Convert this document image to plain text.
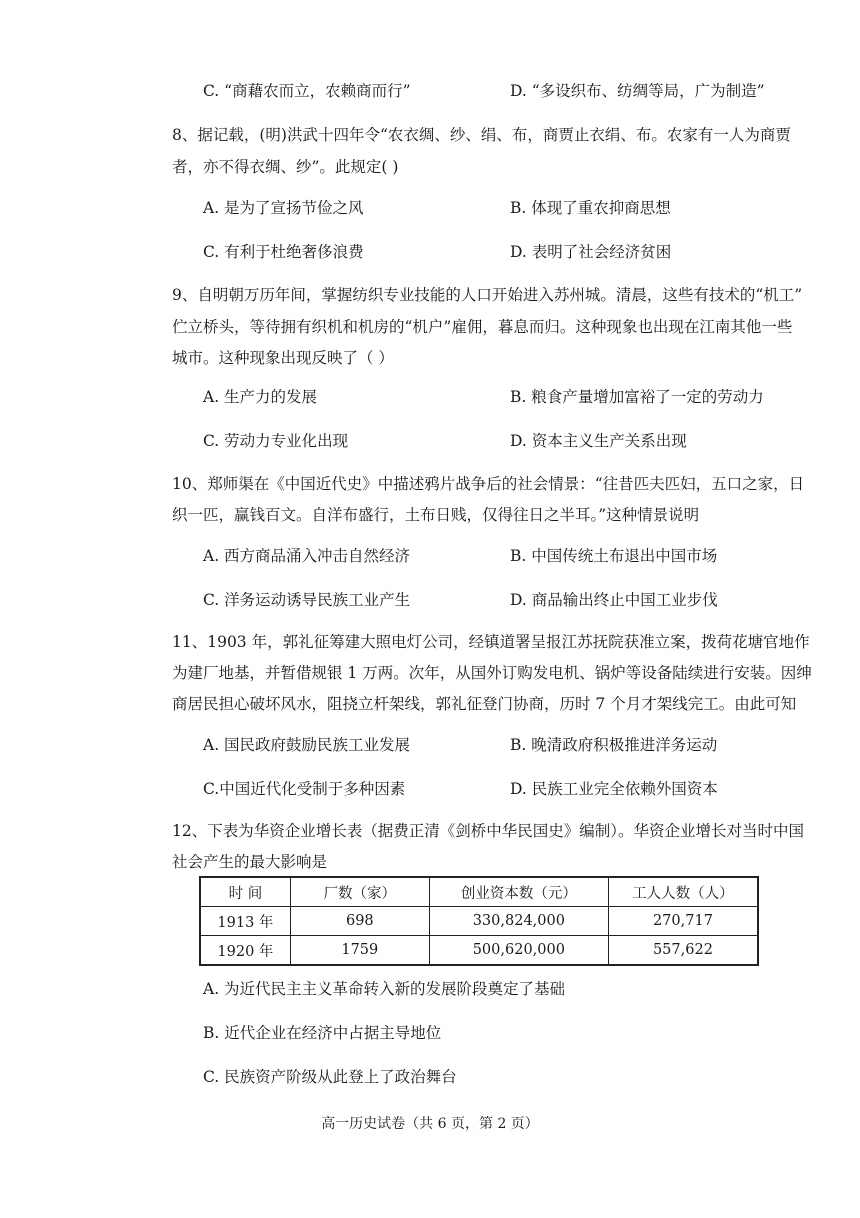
C. “商藉农而立，农赖商而行”	D. “多设织布、纺绸等局，广为制造”
8、据记载，(明)洪武十四年令“农衣绸、纱、绢、布，商贾止衣绢、布。农家有一人为商贾
者，亦不得衣绸、纱”。此规定( )
A. 是为了宣扬节俭之风	B. 体现了重农抑商思想
C. 有利于杜绝奢侈浪费	D. 表明了社会经济贫困
9、自明朝万历年间，掌握纺织专业技能的人口开始进入苏州城。清晨，这些有技术的“机工”
伫立桥头，等待拥有织机和机房的“机户”雇佣，暮息而归。这种现象也出现在江南其他一些
城市。这种现象出现反映了（ ）
A. 生产力的发展	B. 粮食产量增加富裕了一定的劳动力
C. 劳动力专业化出现	D. 资本主义生产关系出现
10、郑师渠在《中国近代史》中描述鸦片战争后的社会情景：“往昔匹夫匹妇，五口之家，日
织一匹，赢钱百文。自洋布盛行，土布日贱，仅得往日之半耳。”这种情景说明
A. 西方商品涌入冲击自然经济	B. 中国传统土布退出中国市场
C. 洋务运动诱导民族工业产生	D. 商品输出终止中国工业步伐
11、1903 年，郭礼征筹建大照电灯公司，经镇道署呈报江苏抚院获准立案，拨荷花塘官地作
为建厂地基，并暂借规银 1 万两。次年，从国外订购发电机、锅炉等设备陆续进行安装。因绅
商居民担心破坏风水，阻挠立杆架线，郭礼征登门协商，历时 7 个月才架线完工。由此可知
A. 国民政府鼓励民族工业发展	B. 晚清政府积极推进洋务运动
C.中国近代化受制于多种因素	D. 民族工业完全依赖外国资本
12、下表为华资企业增长表（据费正清《剑桥中华民国史》编制）。华资企业增长对当时中国
社会产生的最大影响是
时 间	厂数（家）	创业资本数（元）	工人人数（人）
1913 年	698	330,824,000	270,717
1920 年	1759	500,620,000	557,622
A. 为近代民主主义革命转入新的发展阶段奠定了基础
B. 近代企业在经济中占据主导地位
C. 民族资产阶级从此登上了政治舞台
高一历史试卷（共 6 页，第 2 页）
